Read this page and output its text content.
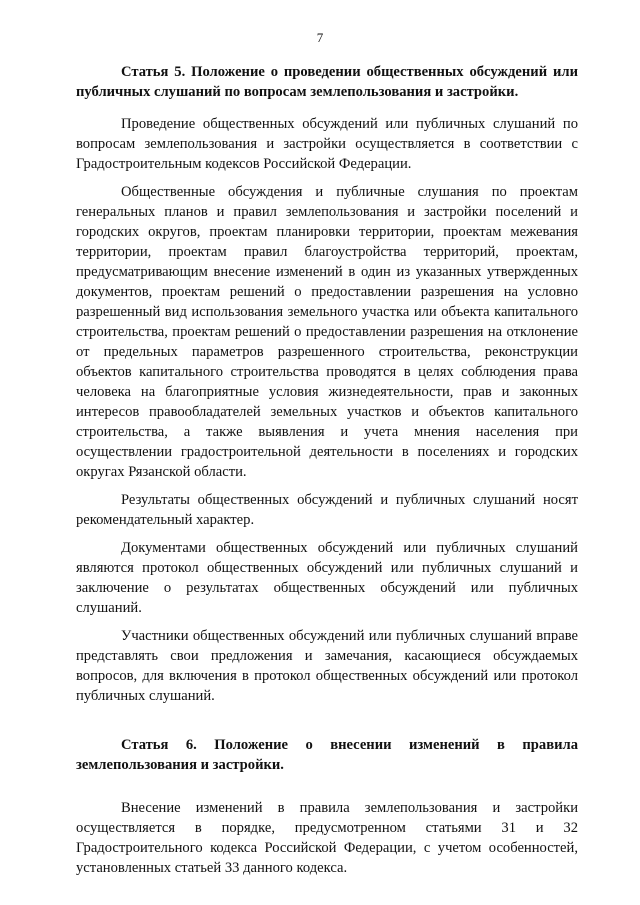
7

Статья 5. Положение о проведении общественных обсуждений или публичных слушаний по вопросам землепользования и застройки.

Проведение общественных обсуждений или публичных слушаний по вопросам землепользования и застройки осуществляется в соответствии с Градостроительным кодексов Российской Федерации.

Общественные обсуждения и публичные слушания по проектам генеральных планов и правил землепользования и застройки поселений и городских округов, проектам планировки территории, проектам межевания территории, проектам правил благоустройства территорий, проектам, предусматривающим внесение изменений в один из указанных утвержденных документов, проектам решений о предоставлении разрешения на условно разрешенный вид использования земельного участка или объекта капитального строительства, проектам решений о предоставлении разрешения на отклонение от предельных параметров разрешенного строительства, реконструкции объектов капитального строительства проводятся в целях соблюдения права человека на благоприятные условия жизнедеятельности, прав и законных интересов правообладателей земельных участков и объектов капитального строительства, а также выявления и учета мнения населения при осуществлении градостроительной деятельности в поселениях и городских округах Рязанской области.

Результаты общественных обсуждений и публичных слушаний носят рекомендательный характер.

Документами общественных обсуждений или публичных слушаний являются протокол общественных обсуждений или публичных слушаний и заключение о результатах общественных обсуждений или публичных слушаний.

Участники общественных обсуждений или публичных слушаний вправе представлять свои предложения и замечания, касающиеся обсуждаемых вопросов, для включения в протокол общественных обсуждений или протокол публичных слушаний.

Статья 6. Положение о внесении изменений в правила землепользования и застройки.

Внесение изменений в правила землепользования и застройки осуществляется в порядке, предусмотренном статьями 31 и 32 Градостроительного кодекса Российской Федерации, с учетом особенностей, установленных статьей 33 данного кодекса.
